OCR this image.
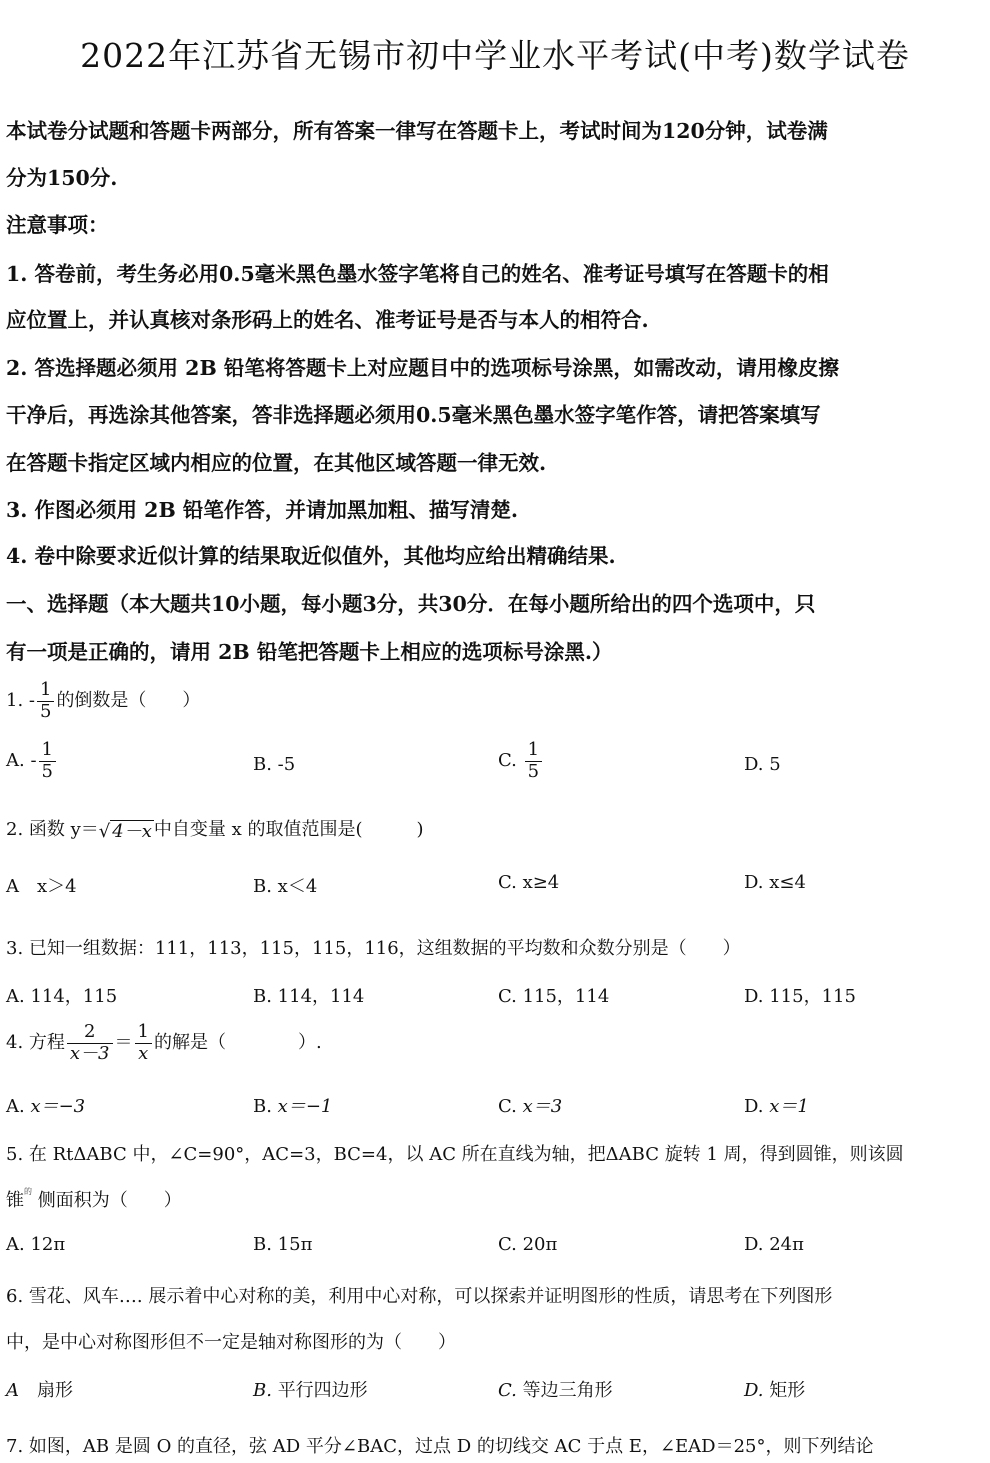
2022年江苏省无锡市初中学业水平考试(中考)数学试卷
本试卷分试题和答题卡两部分，所有答案一律写在答题卡上，考试时间为120分钟，试卷满
分为150分.
注意事项：
1. 答卷前，考生务必用0.5毫米黑色墨水签字笔将自己的姓名、准考证号填写在答题卡的相
应位置上，并认真核对条形码上的姓名、准考证号是否与本人的相符合.
2. 答选择题必须用 2B 铅笔将答题卡上对应题目中的选项标号涂黑，如需改动，请用橡皮擦
干净后，再选涂其他答案，答非选择题必须用0.5毫米黑色墨水签字笔作答，请把答案填写
在答题卡指定区域内相应的位置，在其他区域答题一律无效.
3. 作图必须用 2B 铅笔作答，并请加黑加粗、描写清楚.
4. 卷中除要求近似计算的结果取近似值外，其他均应给出精确结果.
一、选择题（本大题共10小题，每小题3分，共30分．在每小题所给出的四个选项中，只
有一项是正确的，请用 2B 铅笔把答题卡上相应的选项标号涂黑.）
1. - $\frac{1}{5}$ 的倒数是（　　）
A. - $\frac{1}{5}$	B. -5	C. $\frac{1}{5}$	D. 5
2. 函数 y＝√ 4－x 中自变量 x 的取值范围是(　　　)
A　x＞4	B. x＜4	C. x≥4	D. x≤4
3. 已知一组数据：111，113，115，115，116，这组数据的平均数和众数分别是（　　）
A. 114，115	B. 114，114	C. 115，114	D. 115，115
4. 方程 $\frac{2}{x-3} = \frac{1}{x}$ 的解是（　　　　）.
A. x＝−3	B. x＝−1	C. x＝3	D. x＝1
5. 在 RtΔABC 中，∠C=90°，AC=3，BC=4，以 AC 所在直线为轴，把ΔABC 旋转 1 周，得到圆锥，则该圆
锥$^的$ 侧面积为（　　）
A. 12π	B. 15π	C. 20π	D. 24π
6. 雪花、风车…. 展示着中心对称的美，利用中心对称，可以探索并证明图形的性质，请思考在下列图形
中，是中心对称图形但不一定是轴对称图形的为（　　）
A　 扇形	B. 平行四边形	C. 等边三角形	D. 矩形
7. 如图，AB 是圆 O 的直径，弦 AD 平分∠BAC，过点 D 的切线交 AC 于点 E，∠EAD＝25°，则下列结论
